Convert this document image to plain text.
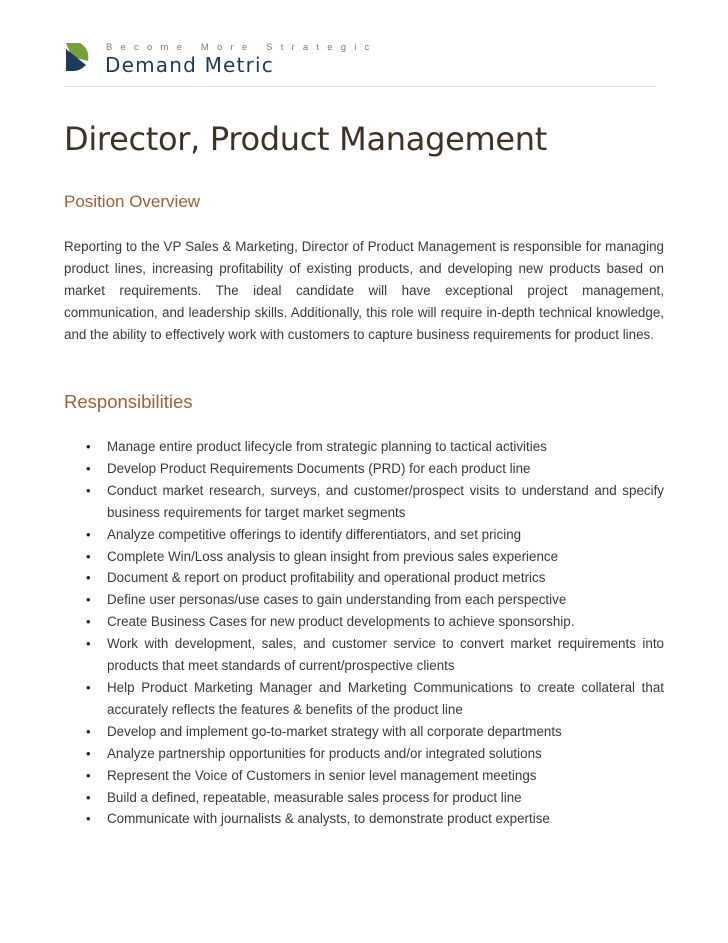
Become More Strategic
Demand Metric
Director, Product Management
Position Overview

Reporting to the VP Sales & Marketing, Director of Product Management is responsible for managing product lines, increasing profitability of existing products, and developing new products based on market requirements. The ideal candidate will have exceptional project management, communication, and leadership skills. Additionally, this role will require in-depth technical knowledge, and the ability to effectively work with customers to capture business requirements for product lines.

Responsibilities
• Manage entire product lifecycle from strategic planning to tactical activities
• Develop Product Requirements Documents (PRD) for each product line
• Conduct market research, surveys, and customer/prospect visits to understand and specify business requirements for target market segments
• Analyze competitive offerings to identify differentiators, and set pricing
• Complete Win/Loss analysis to glean insight from previous sales experience
• Document & report on product profitability and operational product metrics
• Define user personas/use cases to gain understanding from each perspective
• Create Business Cases for new product developments to achieve sponsorship.
• Work with development, sales, and customer service to convert market requirements into products that meet standards of current/prospective clients
• Help Product Marketing Manager and Marketing Communications to create collateral that accurately reflects the features & benefits of the product line
• Develop and implement go-to-market strategy with all corporate departments
• Analyze partnership opportunities for products and/or integrated solutions
• Represent the Voice of Customers in senior level management meetings
• Build a defined, repeatable, measurable sales process for product line
• Communicate with journalists & analysts, to demonstrate product expertise
